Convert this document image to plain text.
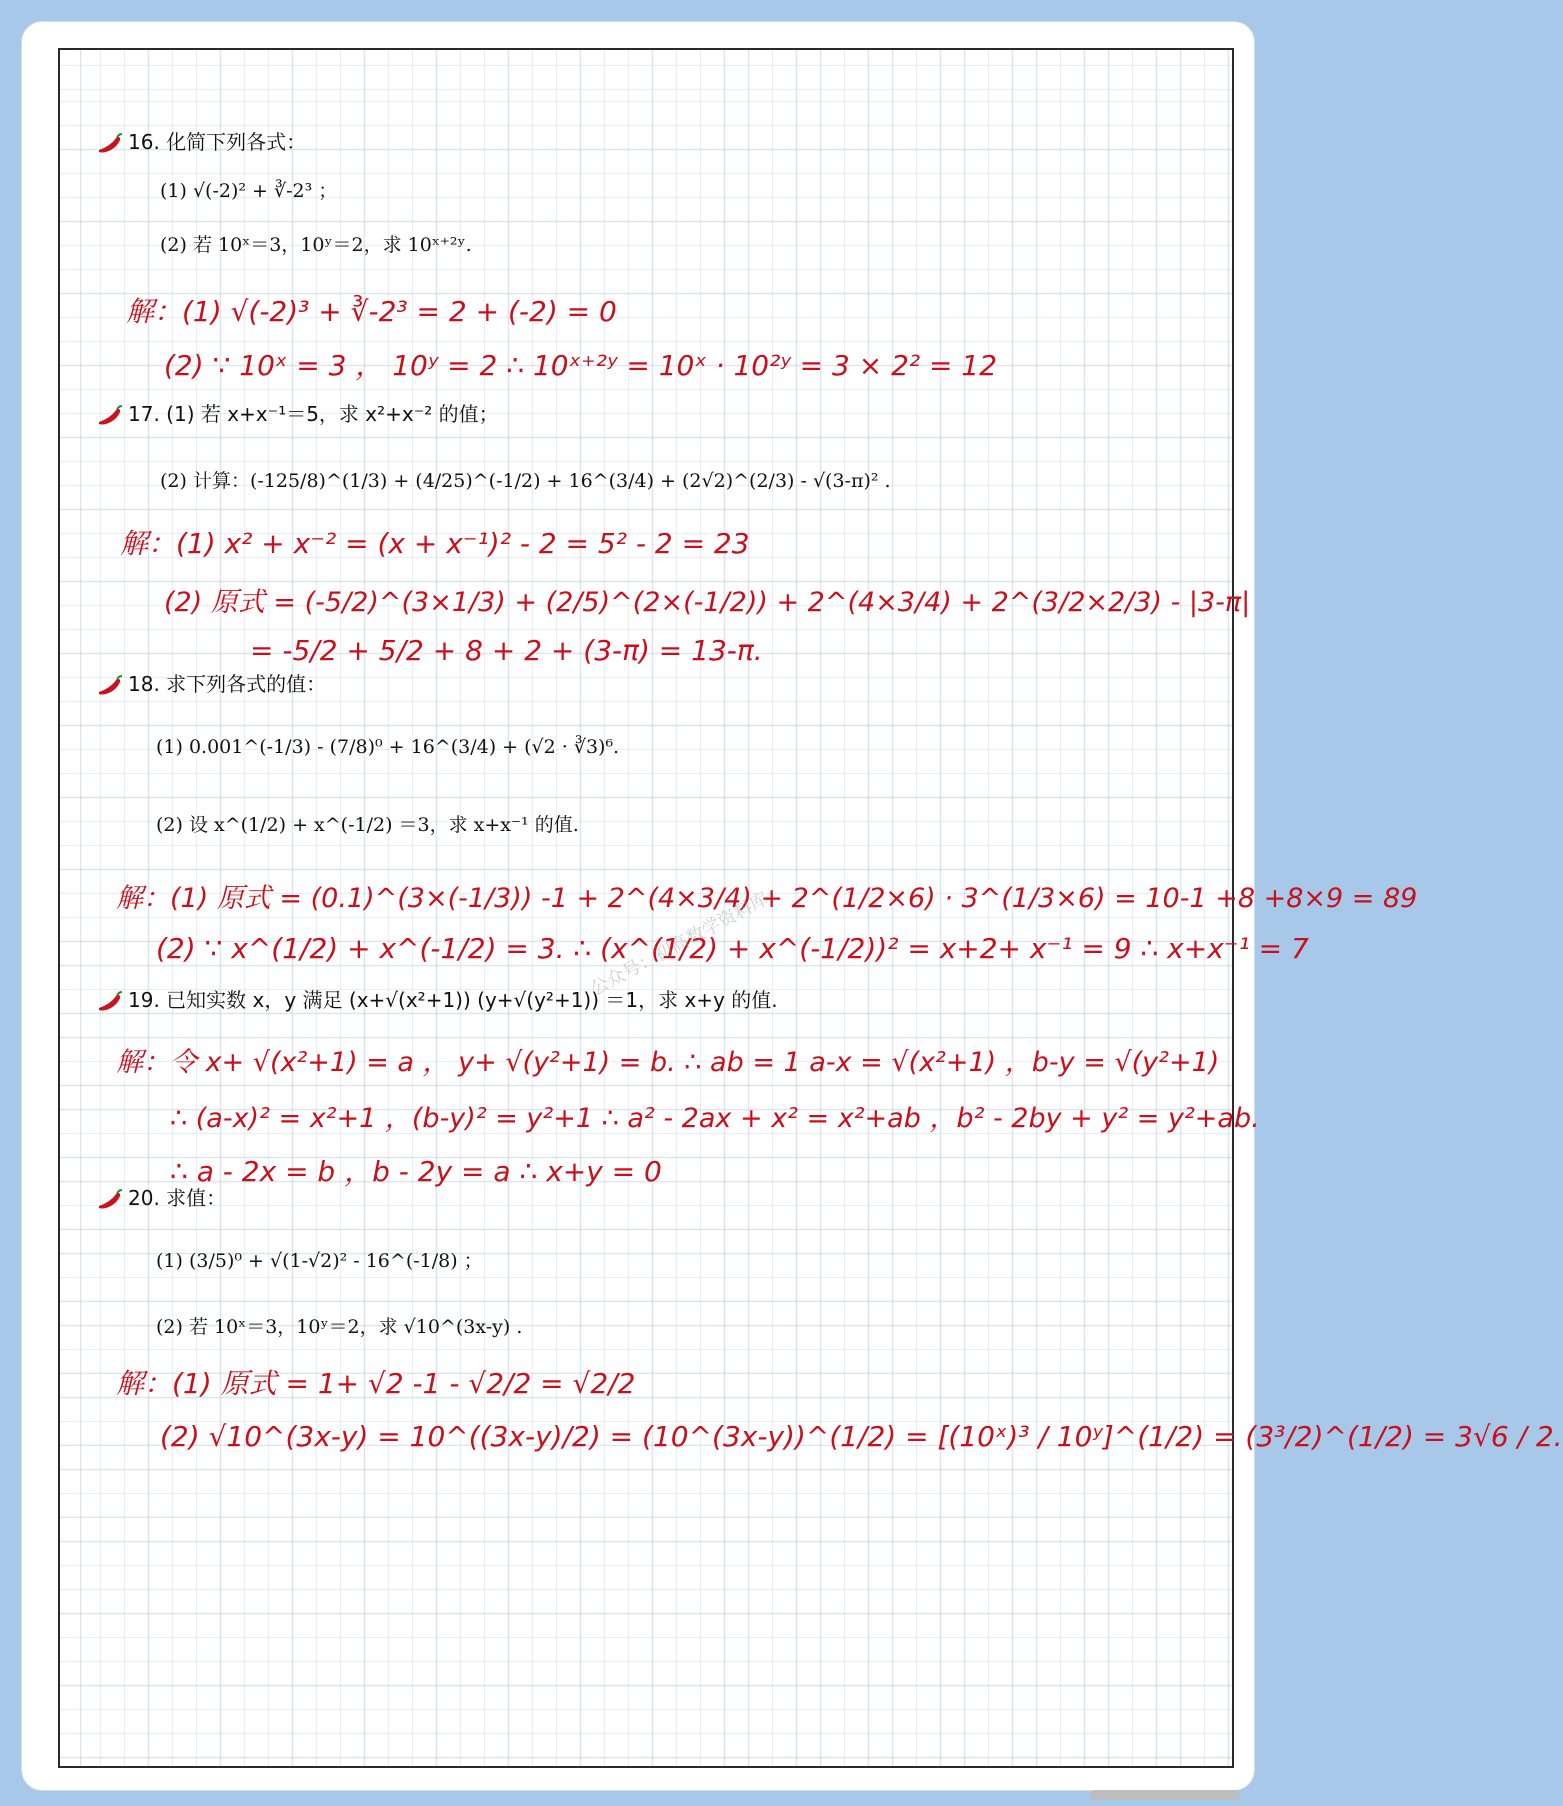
16. 化简下列各式：
(1) √(-2)² + ∛-2³ ；
(2) 若 10ˣ＝3，10ʸ＝2，求 10ˣ⁺²ʸ.
解：(1) √(-2)³ + ∛-2³ = 2 + (-2) = 0
(2) ∵ 10ˣ = 3 ， 10ʸ = 2 ∴ 10ˣ⁺²ʸ = 10ˣ · 10²ʸ = 3 × 2² = 12
17. (1) 若 x+x⁻¹＝5，求 x²+x⁻² 的值；
(2) 计算：(-125/8)^(1/3) + (4/25)^(-1/2) + 16^(3/4) + (2√2)^(2/3) - √(3-π)² .
解：(1) x² + x⁻² = (x + x⁻¹)² - 2 = 5² - 2 = 23
(2) 原式 = (-5/2)^(3×1/3) + (2/5)^(2×(-1/2)) + 2^(4×3/4) + 2^(3/2×2/3) - |3-π|
= -5/2 + 5/2 + 8 + 2 + (3-π) = 13-π.
18. 求下列各式的值：
(1) 0.001^(-1/3) - (7/8)⁰ + 16^(3/4) + (√2 · ∛3)⁶.
(2) 设 x^(1/2) + x^(-1/2) ＝3，求 x+x⁻¹ 的值.
解：(1) 原式 = (0.1)^(3×(-1/3)) -1 + 2^(4×3/4) + 2^(1/2×6) · 3^(1/3×6) = 10-1 +8 +8×9 = 89
(2) ∵ x^(1/2) + x^(-1/2) = 3. ∴ (x^(1/2) + x^(-1/2))² = x+2+ x⁻¹ = 9 ∴ x+x⁻¹ = 7
19. 已知实数 x，y 满足 (x+√(x²+1)) (y+√(y²+1)) ＝1，求 x+y 的值.
解：令 x+ √(x²+1) = a ， y+ √(y²+1) = b. ∴ ab = 1 a-x = √(x²+1) ，b-y = √(y²+1)
∴ (a-x)² = x²+1 ，(b-y)² = y²+1 ∴ a² - 2ax + x² = x²+ab ，b² - 2by + y² = y²+ab.
∴ a - 2x = b ，b - 2y = a ∴ x+y = 0
20. 求值：
(1) (3/5)⁰ + √(1-√2)² - 16^(-1/8) ；
(2) 若 10ˣ＝3，10ʸ＝2，求 √10^(3x-y) .
解：(1) 原式 = 1+ √2 -1 - √2/2 = √2/2
(2) √10^(3x-y) = 10^((3x-y)/2) = (10^(3x-y))^(1/2) = [(10ˣ)³ / 10ʸ]^(1/2) = (3³/2)^(1/2) = 3√6 / 2.
公众号：初高数学资料库
